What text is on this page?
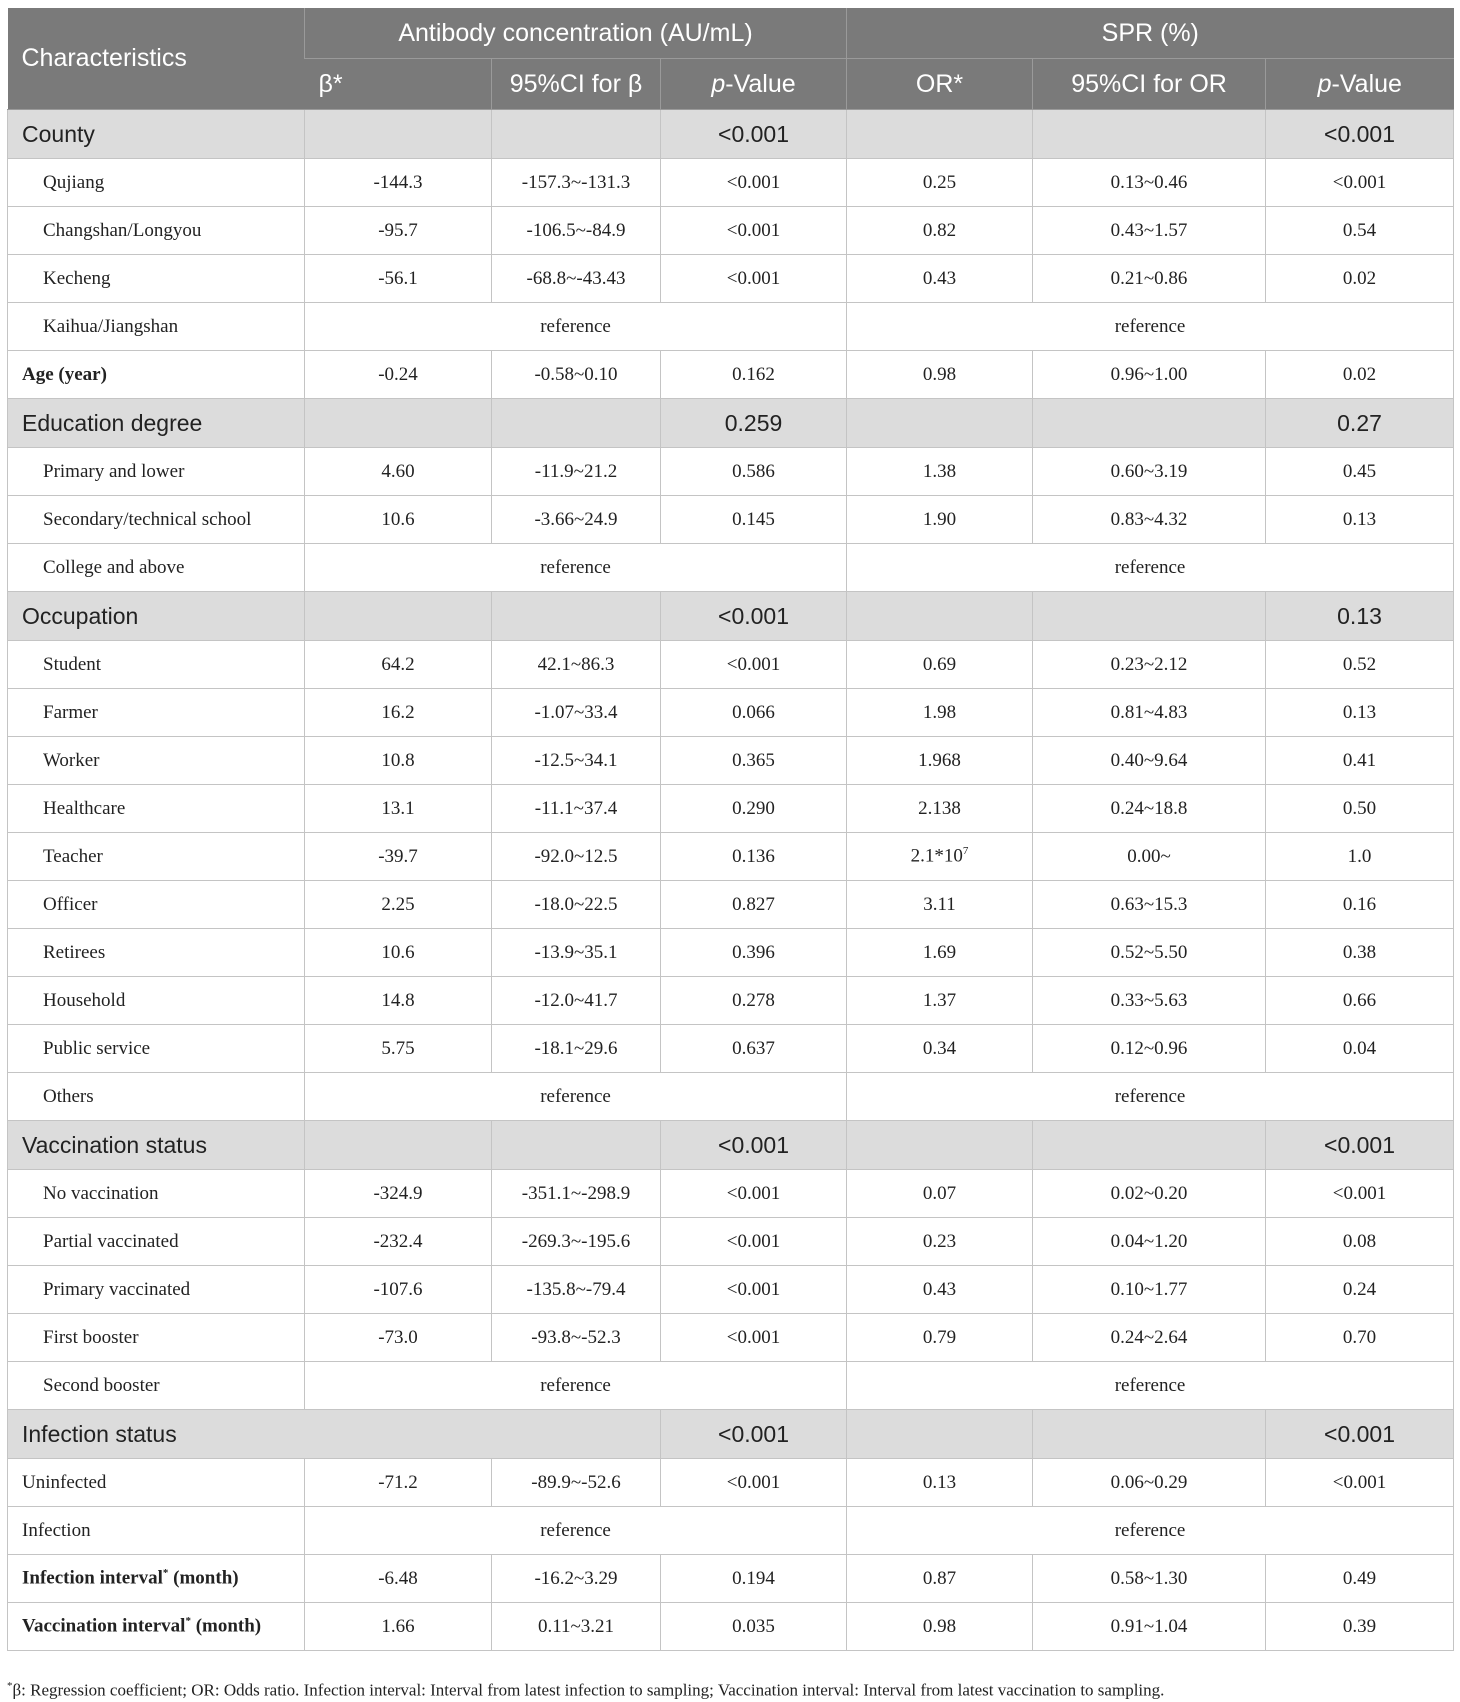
Characteristics	Antibody concentration (AU/mL)			SPR (%)		
	β*	95%CI for β	p-Value	OR*	95%CI for OR	p-Value
County			<0.001			<0.001
Qujiang	-144.3	-157.3~-131.3	<0.001	0.25	0.13~0.46	<0.001
Changshan/Longyou	-95.7	-106.5~-84.9	<0.001	0.82	0.43~1.57	0.54
Kecheng	-56.1	-68.8~-43.43	<0.001	0.43	0.21~0.86	0.02
Kaihua/Jiangshan	reference			reference		
Age (year)	-0.24	-0.58~0.10	0.162	0.98	0.96~1.00	0.02
Education degree			0.259			0.27
Primary and lower	4.60	-11.9~21.2	0.586	1.38	0.60~3.19	0.45
Secondary/technical school	10.6	-3.66~24.9	0.145	1.90	0.83~4.32	0.13
College and above	reference			reference		
Occupation			<0.001			0.13
Student	64.2	42.1~86.3	<0.001	0.69	0.23~2.12	0.52
Farmer	16.2	-1.07~33.4	0.066	1.98	0.81~4.83	0.13
Worker	10.8	-12.5~34.1	0.365	1.968	0.40~9.64	0.41
Healthcare	13.1	-11.1~37.4	0.290	2.138	0.24~18.8	0.50
Teacher	-39.7	-92.0~12.5	0.136	$2.1*10^7$	0.00~	1.0
Officer	2.25	-18.0~22.5	0.827	3.11	0.63~15.3	0.16
Retirees	10.6	-13.9~35.1	0.396	1.69	0.52~5.50	0.38
Household	14.8	-12.0~41.7	0.278	1.37	0.33~5.63	0.66
Public service	5.75	-18.1~29.6	0.637	0.34	0.12~0.96	0.04
Others	reference			reference		
Vaccination status			<0.001			<0.001
No vaccination	-324.9	-351.1~-298.9	<0.001	0.07	0.02~0.20	<0.001
Partial vaccinated	-232.4	-269.3~-195.6	<0.001	0.23	0.04~1.20	0.08
Primary vaccinated	-107.6	-135.8~-79.4	<0.001	0.43	0.10~1.77	0.24
First booster	-73.0	-93.8~-52.3	<0.001	0.79	0.24~2.64	0.70
Second booster	reference			reference		
Infection status			<0.001			<0.001
Uninfected	-71.2	-89.9~-52.6	<0.001	0.13	0.06~0.29	<0.001
Infection	reference			reference		
Infection interval* (month)	-6.48	-16.2~3.29	0.194	0.87	0.58~1.30	0.49
Vaccination interval* (month)	1.66	0.11~3.21	0.035	0.98	0.91~1.04	0.39
*β: Regression coefficient; OR: Odds ratio. Infection interval: Interval from latest infection to sampling; Vaccination interval: Interval from latest vaccination to sampling.
